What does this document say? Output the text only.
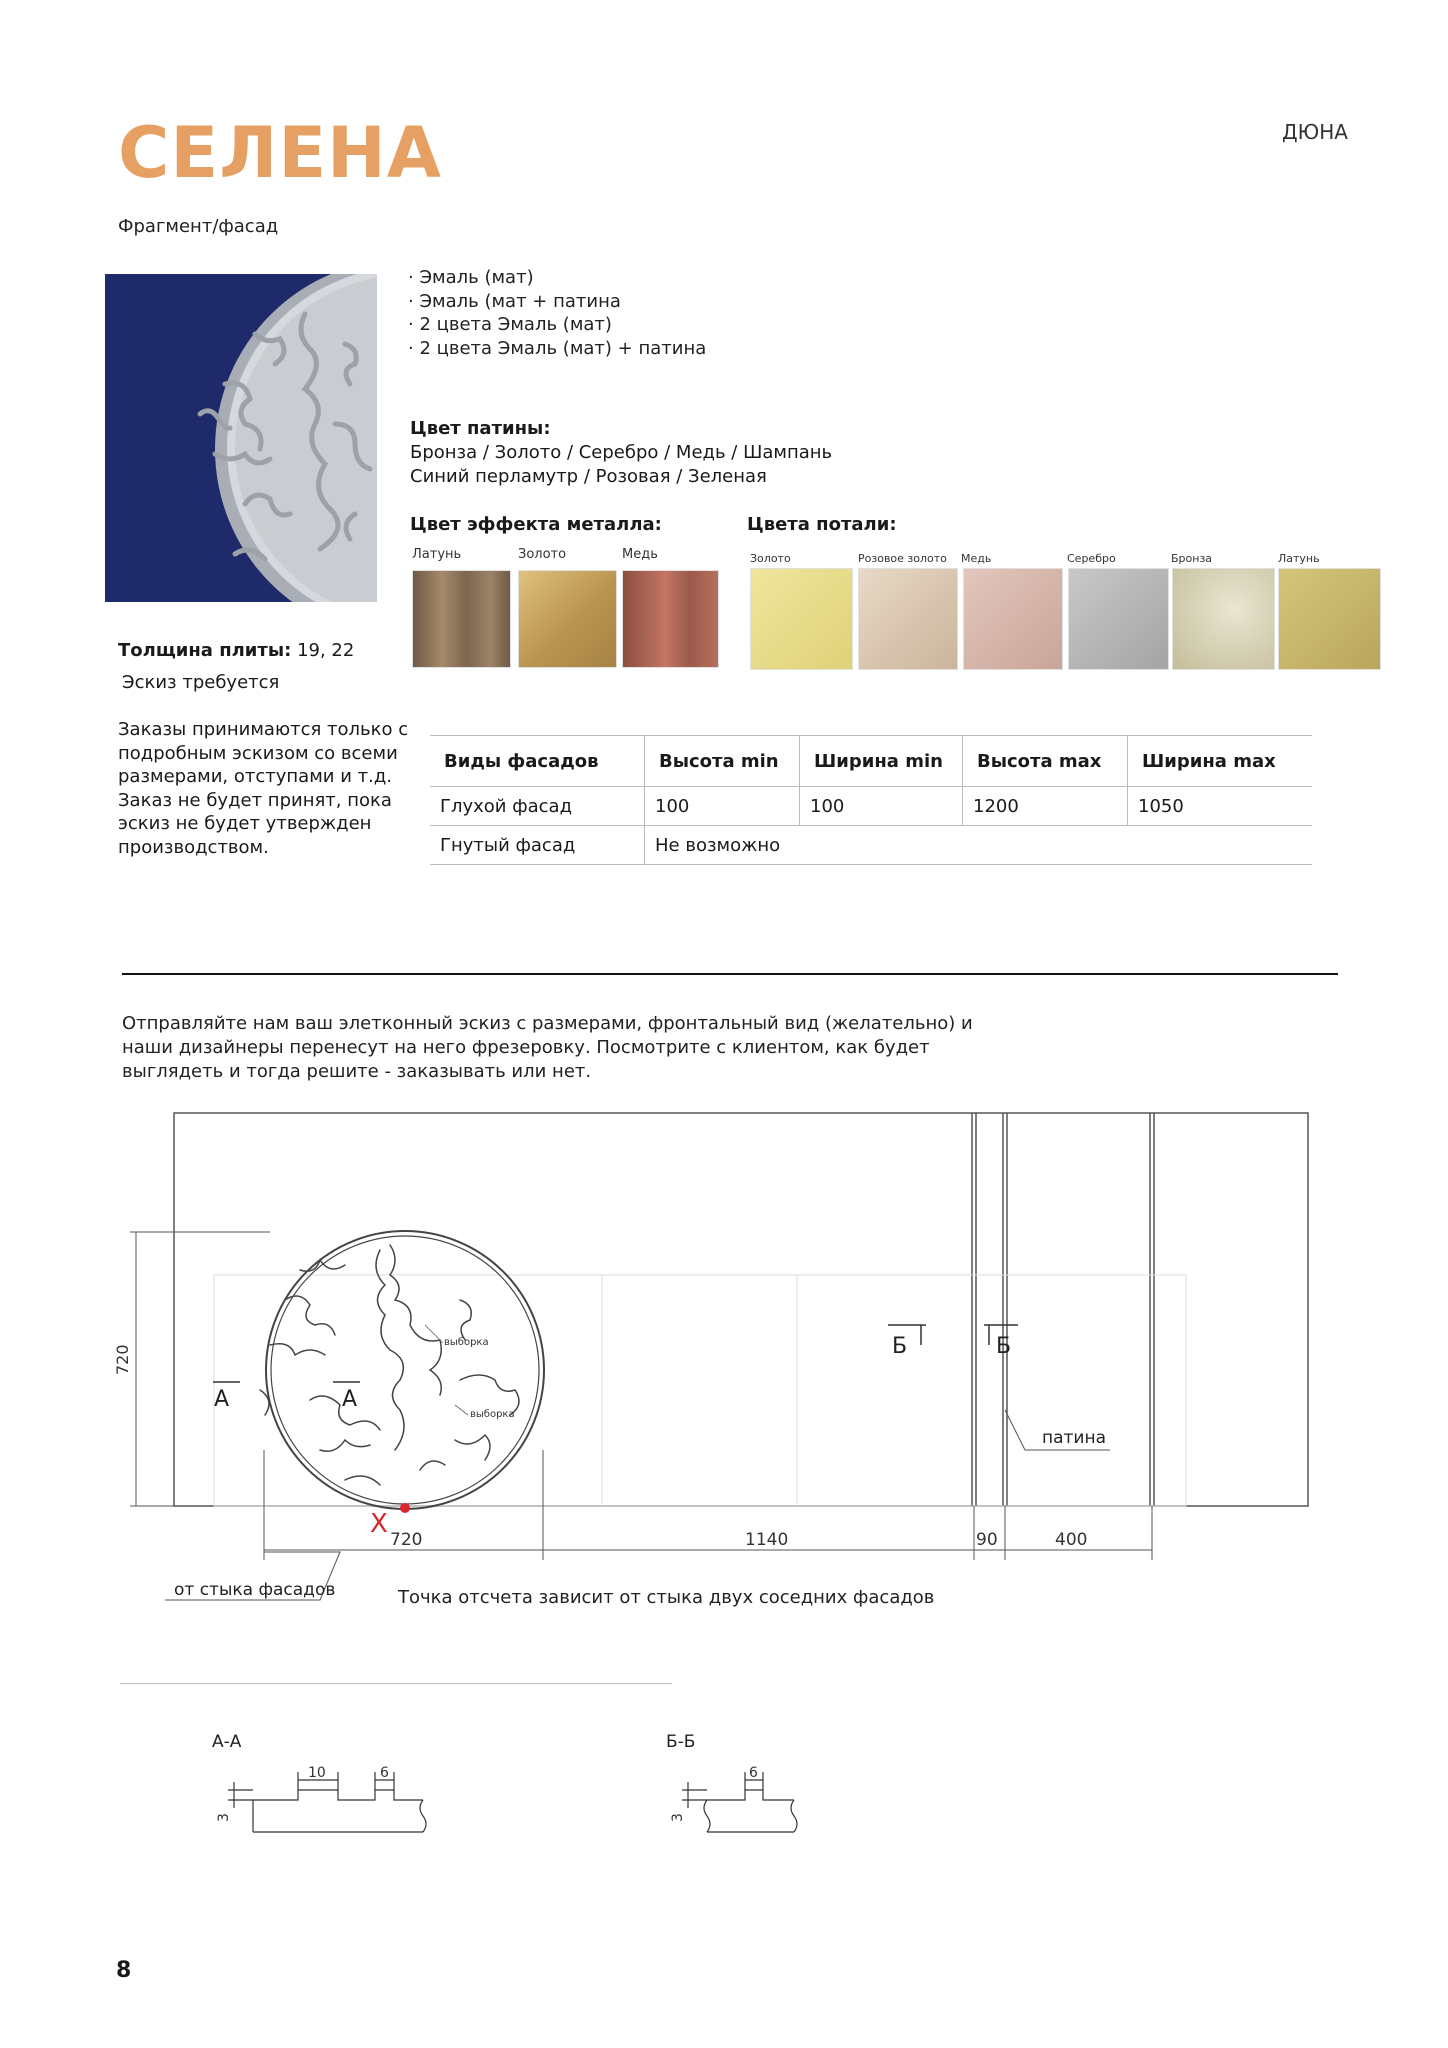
СЕЛЕНА	ДЮНА
Фрагмент/фасад
· Эмаль (мат)
· Эмаль (мат + патина
· 2 цвета Эмаль (мат)
· 2 цвета Эмаль (мат) + патина
Цвет патины:
Бронза / Золото / Серебро / Медь / Шампань
Синий перламутр / Розовая / Зеленая
Цвет эффекта металла:
Латунь	Золото	Медь
Цвета потали:
Золото	Розовое золото Медь	Серебро	Бронза	Латунь
Толщина плиты: 19, 22
Эскиз требуется
Заказы принимаются только с подробным эскизом со всеми размерами, отступами и т.д. Заказ не будет принят, пока эскиз не будет утвержден производством.
Виды фасадов	Высота min	Ширина min	Высота max	Ширина max
Глухой фасад	100	100	1200	1050
Гнутый фасад	Не возможно			
Отправляйте нам ваш элетконный эскиз с размерами, фронтальный вид (желательно) и наши дизайнеры перенесут на него фрезеровку. Посмотрите с клиентом, как будет выглядеть и тогда решите - заказывать или нет.
720
X
выборка
выборка
А	А
Б	Б
патина
720	1140	90	400
от стыка фасадов	Точка отсчета зависит от стыка двух соседних фасадов
А-А
10	6
3
Б-Б
6
3
8
